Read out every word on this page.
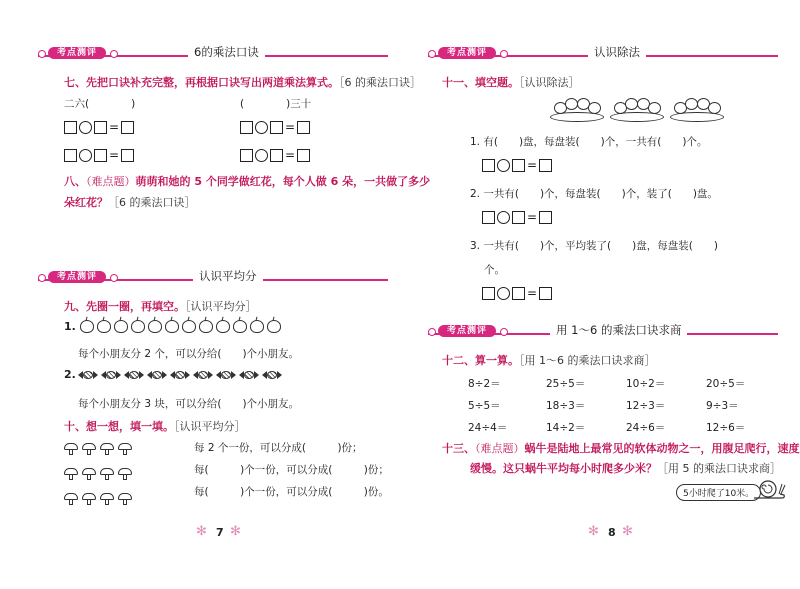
考点测评	6的乘法口诀
七、先把口诀补充完整，再根据口诀写出两道乘法算式。［6 的乘法口诀］
二六(　　　　)	(　　　　)三十
=
=
=
=
八、（难点题）萌萌和她的 5 个同学做红花，每个人做 6 朵，一共做了多少
朵红花？［6 的乘法口诀］
考点测评	认识平均分
九、先圈一圈，再填空。［认识平均分］
1.
每个小朋友分 2 个，可以分给(　　)个小朋友。
2.
每个小朋友分 3 块，可以分给(　　)个小朋友。
十、想一想，填一填。［认识平均分］
每 2 个一份，可以分成(　　　)份；
每(　　　)个一份，可以分成(　　　)份；
每(　　　)个一份，可以分成(　　　)份。
✻ 7 ✻
考点测评	认识除法
十一、填空题。［认识除法］
1. 有(　　)盘，每盘装(　　)个，一共有(　　)个。
=
2. 一共有(　　)个，每盘装(　　)个，装了(　　)盘。
=
3. 一共有(　　)个，平均装了(　　)盘，每盘装(　　)
个。
=
考点测评	用 1～6 的乘法口诀求商
十二、算一算。［用 1～6 的乘法口诀求商］
8÷2＝	25÷5＝	10÷2＝	20÷5＝
5÷5＝	18÷3＝	12÷3＝	9÷3＝
24÷4＝	14÷2＝	24÷6＝	12÷6＝
十三、（难点题）蜗牛是陆地上最常见的软体动物之一，用腹足爬行，速度
缓慢。这只蜗牛平均每小时爬多少米？［用 5 的乘法口诀求商］
5小时爬了10米。
✻ 8 ✻
